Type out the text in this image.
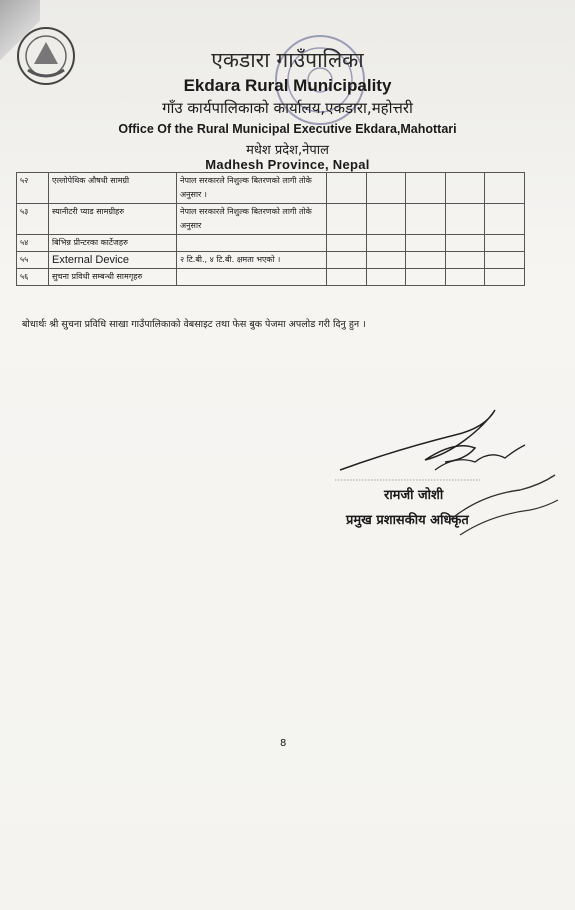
एकडारा गाउँपालिका
Ekdara Rural Municipality
गाँउ कार्यपालिकाको कार्यालय,एकडारा,महोत्तरी
Office Of the Rural Municipal Executive Ekdara,Mahottari
मधेश प्रदेश,नेपाल
Madhesh Province, Nepal
५२	एल्लोपेथिक औषधी सामग्री	नेपाल सरकारले निशुल्क बितरणको लागी तोके अनुसार ।					
५३	स्यानीटरी प्याड सामग्रीहरु	नेपाल सरकारले निशुल्क बितरणको लागी तोके अनुसार					
५४	बिभिन्न प्रीन्टरका कार्टेजहरु						
५५	External Device	२ टि.बी., ४ टि.बी. क्षमता भएको ।					
५६	सुचना प्रविधी सम्बन्धी सामगृहरु						
बोधार्थः श्री सुचना प्रविधि साखा गाउँपालिकाको वेबसाइट तथा फेस बुक पेजमा अपलोड गरी दिनु हुन ।
रामजी जोशी
प्रमुख प्रशासकीय अधिकृत
8
